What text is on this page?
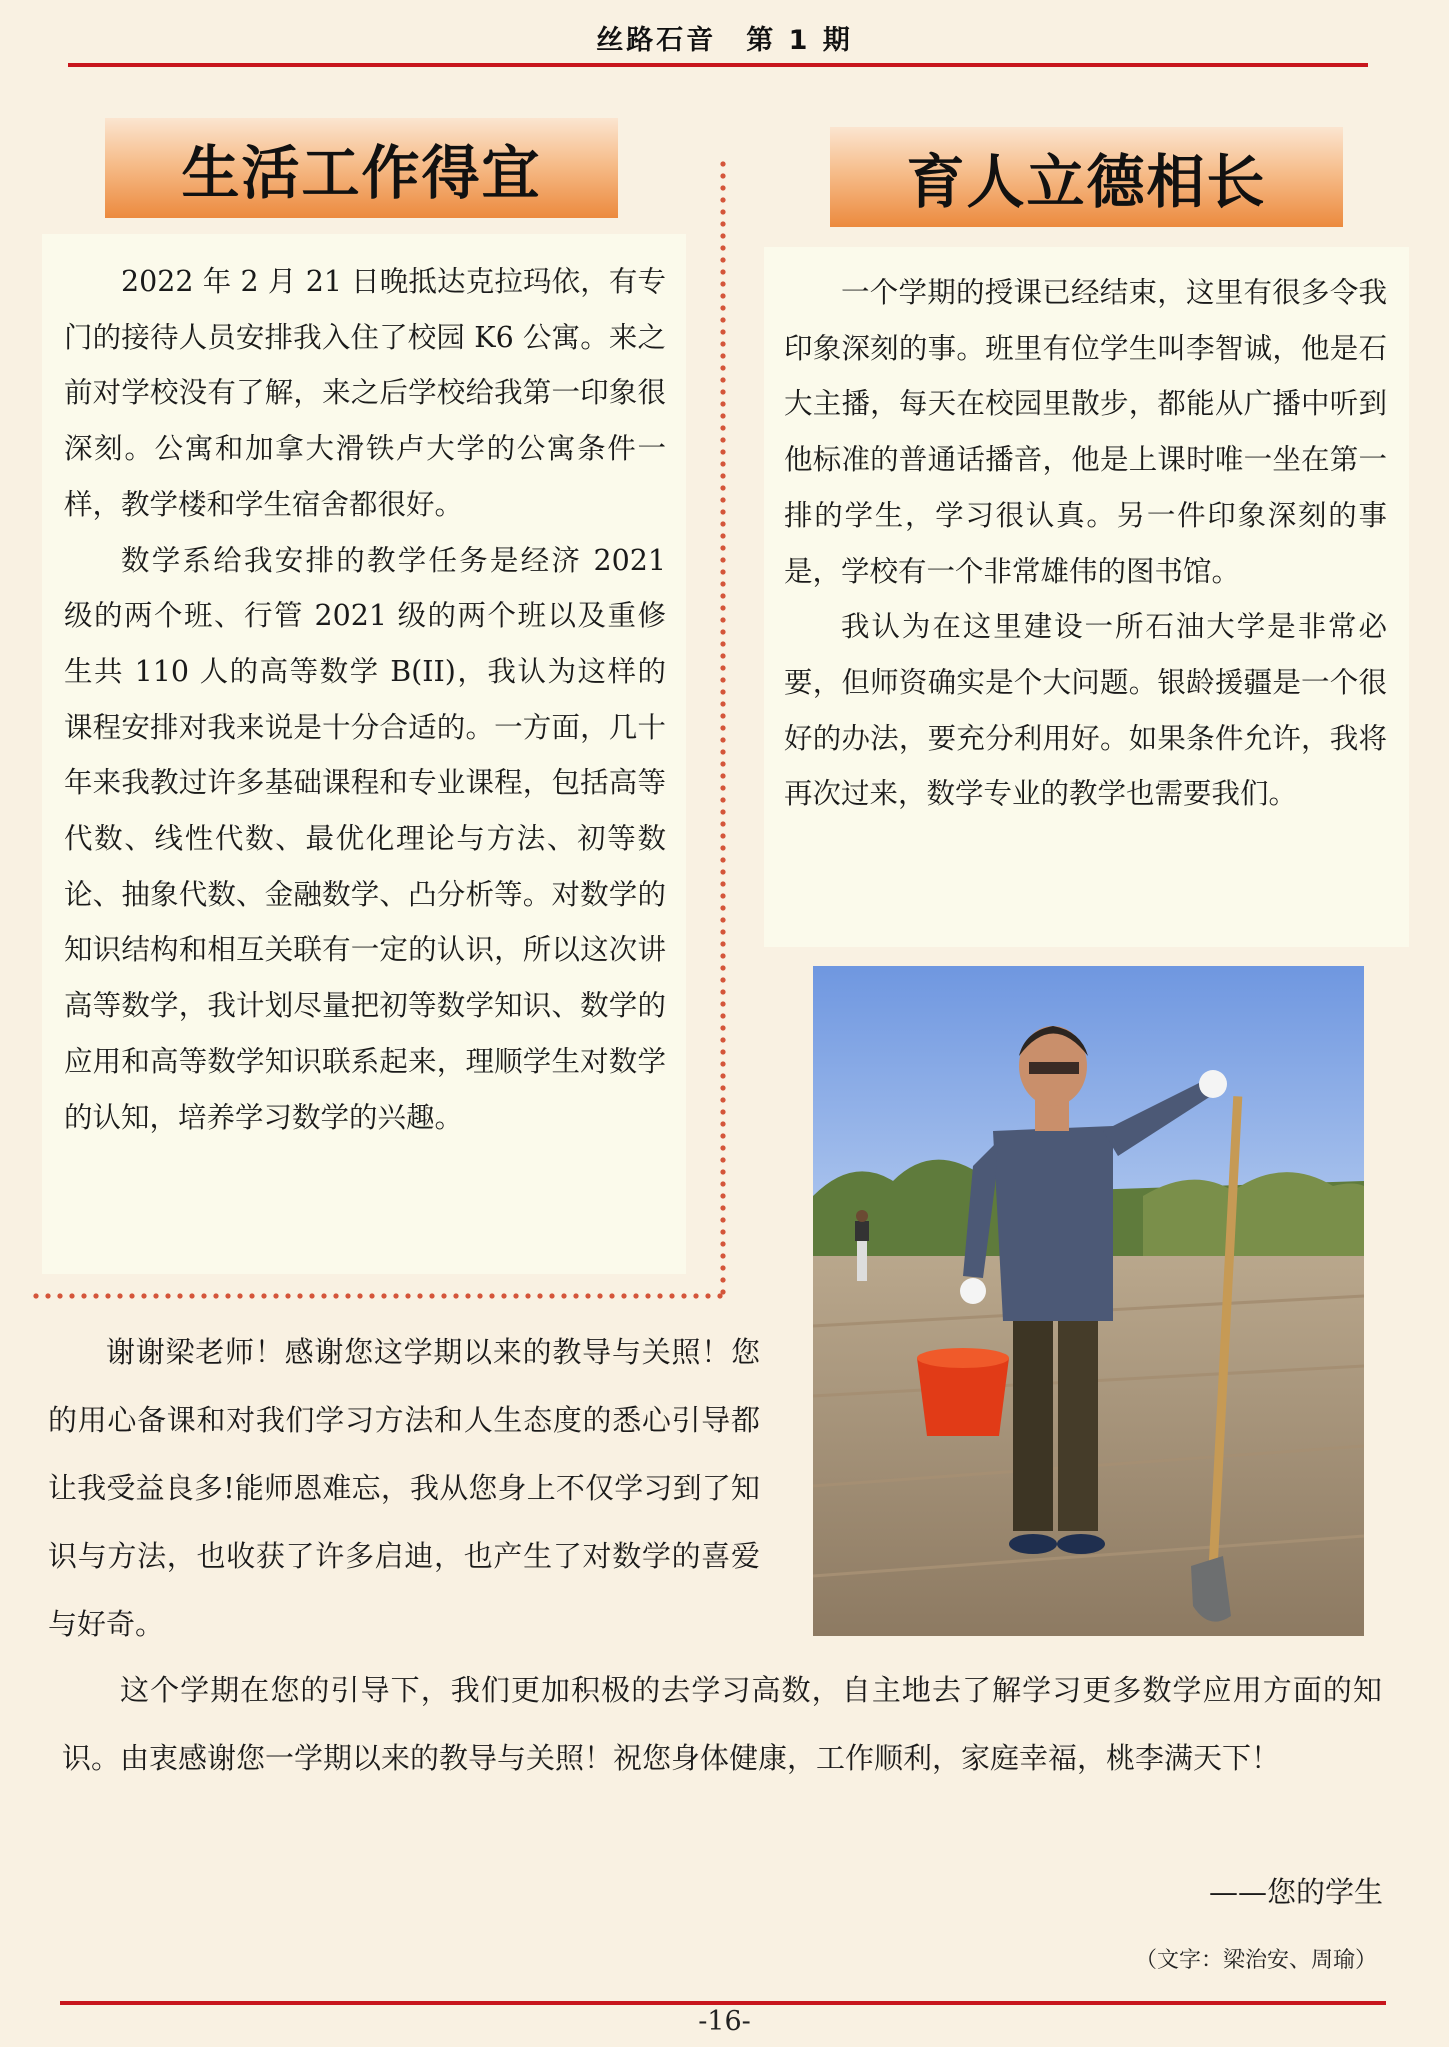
丝路石音 第 1 期
生活工作得宜	育人立德相长

2022 年 2 月 21 日晚抵达克拉玛依，有专门的接待人员安排我入住了校园 K6 公寓。来之前对学校没有了解，来之后学校给我第一印象很深刻。公寓和加拿大滑铁卢大学的公寓条件一样，教学楼和学生宿舍都很好。

数学系给我安排的教学任务是经济 2021 级的两个班、行管 2021 级的两个班以及重修生共 110 人的高等数学 B(II)，我认为这样的课程安排对我来说是十分合适的。一方面，几十年来我教过许多基础课程和专业课程，包括高等代数、线性代数、最优化理论与方法、初等数论、抽象代数、金融数学、凸分析等。对数学的知识结构和相互关联有一定的认识，所以这次讲高等数学，我计划尽量把初等数学知识、数学的应用和高等数学知识联系起来，理顺学生对数学的认知，培养学习数学的兴趣。

一个学期的授课已经结束，这里有很多令我印象深刻的事。班里有位学生叫李智诚，他是石大主播，每天在校园里散步，都能从广播中听到他标准的普通话播音，他是上课时唯一坐在第一排的学生，学习很认真。另一件印象深刻的事是，学校有一个非常雄伟的图书馆。

我认为在这里建设一所石油大学是非常必要，但师资确实是个大问题。银龄援疆是一个很好的办法，要充分利用好。如果条件允许，我将再次过来，数学专业的教学也需要我们。

谢谢梁老师！感谢您这学期以来的教导与关照！您的用心备课和对我们学习方法和人生态度的悉心引导都让我受益良多!能师恩难忘，我从您身上不仅学习到了知识与方法，也收获了许多启迪，也产生了对数学的喜爱与好奇。

这个学期在您的引导下，我们更加积极的去学习高数，自主地去了解学习更多数学应用方面的知识。由衷感谢您一学期以来的教导与关照！祝您身体健康，工作顺利，家庭幸福，桃李满天下！

——您的学生
（文字：梁治安、周瑜）
-16-
